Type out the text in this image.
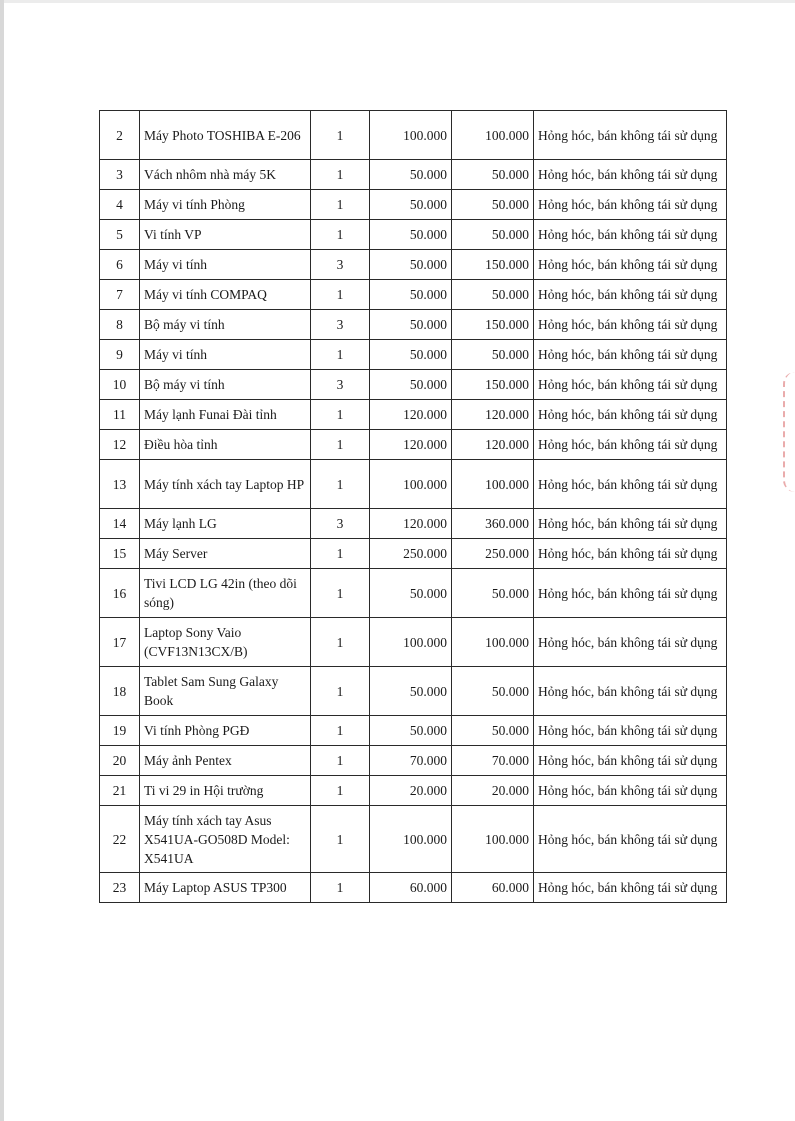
2	Máy Photo TOSHIBA E-206	1	100.000	100.000	Hỏng hóc, bán không tái sử dụng
3	Vách nhôm nhà máy 5K	1	50.000	50.000	Hỏng hóc, bán không tái sử dụng
4	Máy vi tính Phòng	1	50.000	50.000	Hỏng hóc, bán không tái sử dụng
5	Vi tính VP	1	50.000	50.000	Hỏng hóc, bán không tái sử dụng
6	Máy vi tính	3	50.000	150.000	Hỏng hóc, bán không tái sử dụng
7	Máy vi tính COMPAQ	1	50.000	50.000	Hỏng hóc, bán không tái sử dụng
8	Bộ máy vi tính	3	50.000	150.000	Hỏng hóc, bán không tái sử dụng
9	Máy vi tính	1	50.000	50.000	Hỏng hóc, bán không tái sử dụng
10	Bộ máy vi tính	3	50.000	150.000	Hỏng hóc, bán không tái sử dụng
11	Máy lạnh Funai Đài tỉnh	1	120.000	120.000	Hỏng hóc, bán không tái sử dụng
12	Điều hòa tỉnh	1	120.000	120.000	Hỏng hóc, bán không tái sử dụng
13	Máy tính xách tay Laptop HP	1	100.000	100.000	Hỏng hóc, bán không tái sử dụng
14	Máy lạnh LG	3	120.000	360.000	Hỏng hóc, bán không tái sử dụng
15	Máy Server	1	250.000	250.000	Hỏng hóc, bán không tái sử dụng
16	Tivi LCD LG 42in (theo dõi sóng)	1	50.000	50.000	Hỏng hóc, bán không tái sử dụng
17	Laptop Sony Vaio (CVF13N13CX/B)	1	100.000	100.000	Hỏng hóc, bán không tái sử dụng
18	Tablet Sam Sung Galaxy Book	1	50.000	50.000	Hỏng hóc, bán không tái sử dụng
19	Vi tính Phòng PGĐ	1	50.000	50.000	Hỏng hóc, bán không tái sử dụng
20	Máy ảnh Pentex	1	70.000	70.000	Hỏng hóc, bán không tái sử dụng
21	Ti vi 29 in Hội trường	1	20.000	20.000	Hỏng hóc, bán không tái sử dụng
22	Máy tính xách tay Asus X541UA-GO508D Model: X541UA	1	100.000	100.000	Hỏng hóc, bán không tái sử dụng
23	Máy Laptop ASUS TP300	1	60.000	60.000	Hỏng hóc, bán không tái sử dụng
